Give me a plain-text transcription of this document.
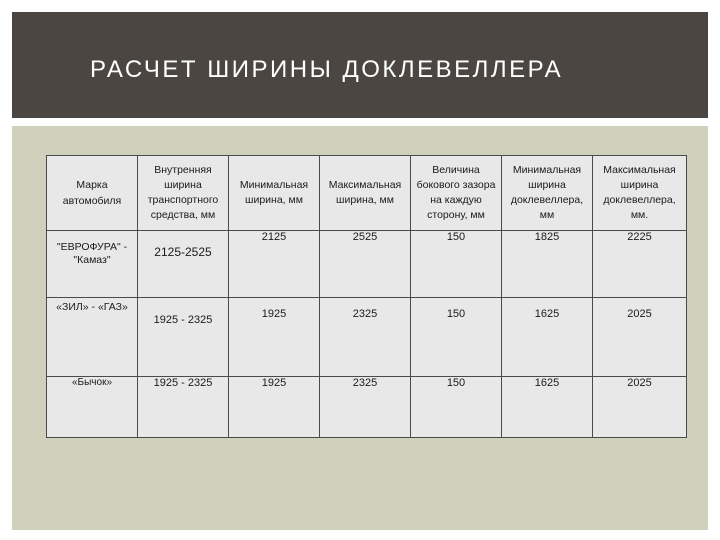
РАСЧЕТ ШИРИНЫ ДОКЛЕВЕЛЛЕРА
Марка автомобиля	Внутренняя ширина транспортного средства, мм	Минимальная ширина, мм	Максимальная ширина, мм	Величина бокового зазора на каждую сторону, мм	Минимальная ширина доклевеллера, мм	Максимальная ширина доклевеллера, мм.
"ЕВРОФУРА" - "Камаз"	2125-2525	2125	2525	150	1825	2225
«ЗИЛ» - «ГАЗ»	1925 - 2325	1925	2325	150	1625	2025
«Бычок»	1925 - 2325	1925	2325	150	1625	2025
